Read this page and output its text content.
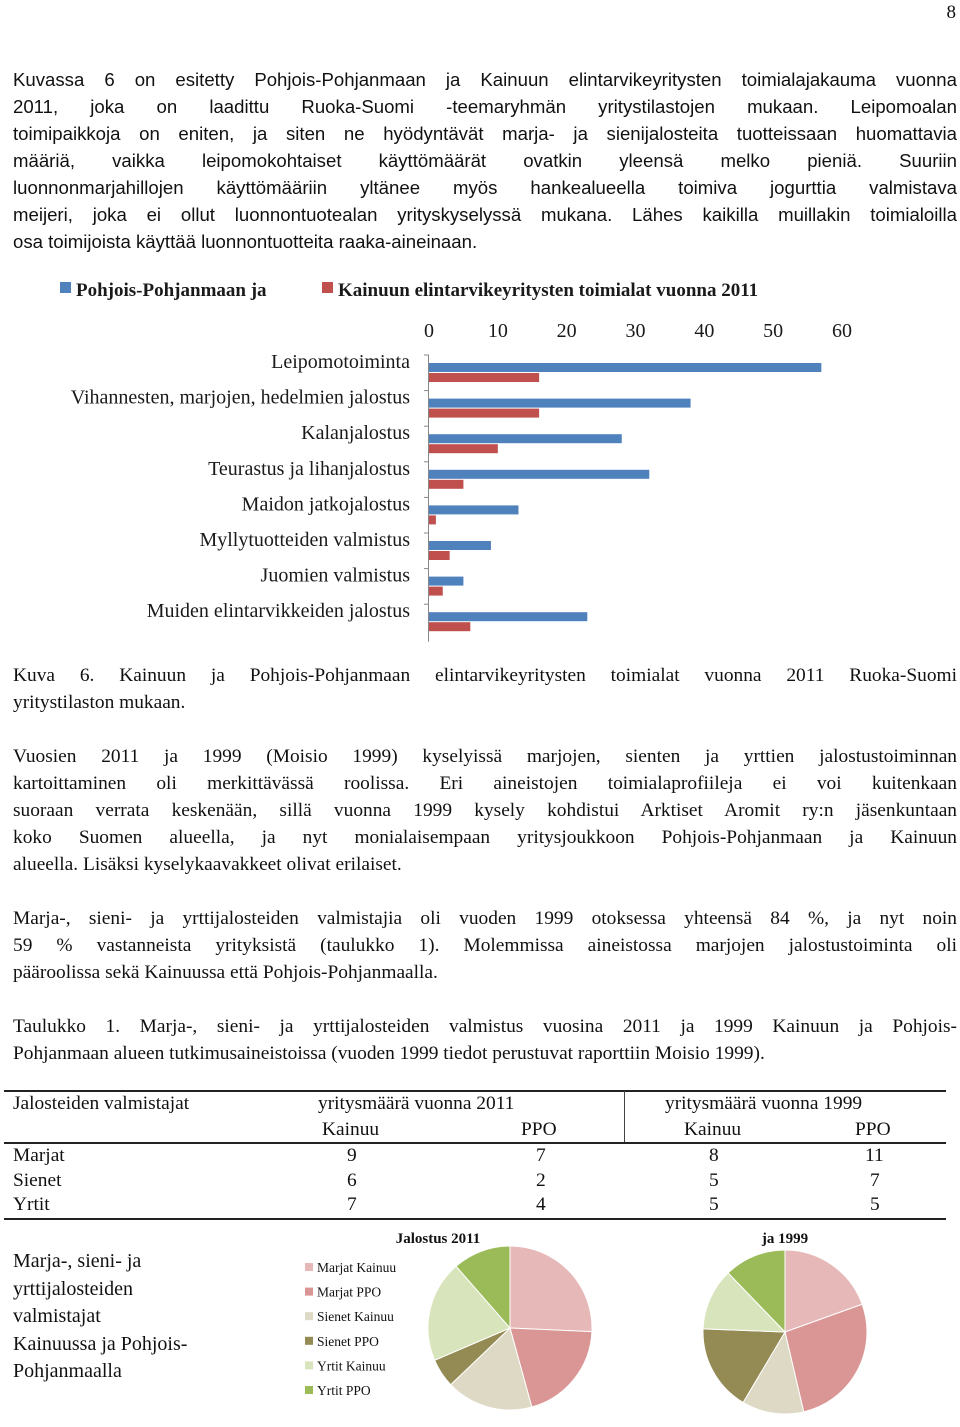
8
Kuvassa 6 on esitetty Pohjois-Pohjanmaan ja Kainuun elintarvikeyritysten toimialajakauma vuonna
2011, joka on laadittu Ruoka-Suomi -teemaryhmän yritystilastojen mukaan. Leipomoalan
toimipaikkoja on eniten, ja siten ne hyödyntävät marja- ja sienijalosteita tuotteissaan huomattavia
määriä, vaikka leipomokohtaiset käyttömäärät ovatkin yleensä melko pieniä. Suuriin
luonnonmarjahillojen käyttömääriin yltänee myös hankealueella toimiva jogurttia valmistava
meijeri, joka ei ollut luonnontuotealan yrityskyselyssä mukana. Lähes kaikilla muillakin toimialoilla
osa toimijoista käyttää luonnontuotteita raaka-aineinaan.
Pohjois-Pohjanmaan ja	Kainuun elintarvikeyritysten toimialat vuonna 2011
0	10 20 30 40 50 60
Leipomotoiminta
Vihannesten, marjojen, hedelmien jalostus
Kalanjalostus
Teurastus ja lihanjalostus
Maidon jatkojalostus
Myllytuotteiden valmistus
Juomien valmistus
Muiden elintarvikkeiden jalostus
Kuva 6. Kainuun ja Pohjois-Pohjanmaan elintarvikeyritysten toimialat vuonna 2011 Ruoka-Suomi
yritystilaston mukaan.
Vuosien 2011 ja 1999 (Moisio 1999) kyselyissä marjojen, sienten ja yrttien jalostustoiminnan
kartoittaminen oli merkittävässä roolissa. Eri aineistojen toimialaprofiileja ei voi kuitenkaan
suoraan verrata keskenään, sillä vuonna 1999 kysely kohdistui Arktiset Aromit ry:n jäsenkuntaan
koko Suomen alueella, ja nyt monialaisempaan yritysjoukkoon Pohjois-Pohjanmaan ja Kainuun
alueella. Lisäksi kyselykaavakkeet olivat erilaiset.
Marja-, sieni- ja yrttijalosteiden valmistajia oli vuoden 1999 otoksessa yhteensä 84 %, ja nyt noin
59 % vastanneista yrityksistä (taulukko 1). Molemmissa aineistossa marjojen jalostustoiminta oli
pääroolissa sekä Kainuussa että Pohjois-Pohjanmaalla.
Taulukko 1. Marja-, sieni- ja yrttijalosteiden valmistus vuosina 2011 ja 1999 Kainuun ja Pohjois-
Pohjanmaan alueen tutkimusaineistoissa (vuoden 1999 tiedot perustuvat raporttiin Moisio 1999).
Jalosteiden valmistajat	yritysmäärä vuonna 2011	yritysmäärä vuonna 1999
Kainuu	PPO	Kainuu	PPO
Marjat	9	7	8	11
Sienet	6	2	5	7
Yrtit	7	4	5	5
Marja-, sieni- ja
yrttijalosteiden
valmistajat
Kainuussa ja Pohjois-
Pohjanmaalla
Jalostus 2011	ja 1999
Marjat Kainuu
Marjat PPO
Sienet Kainuu
Sienet PPO
Yrtit Kainuu
Yrtit PPO
